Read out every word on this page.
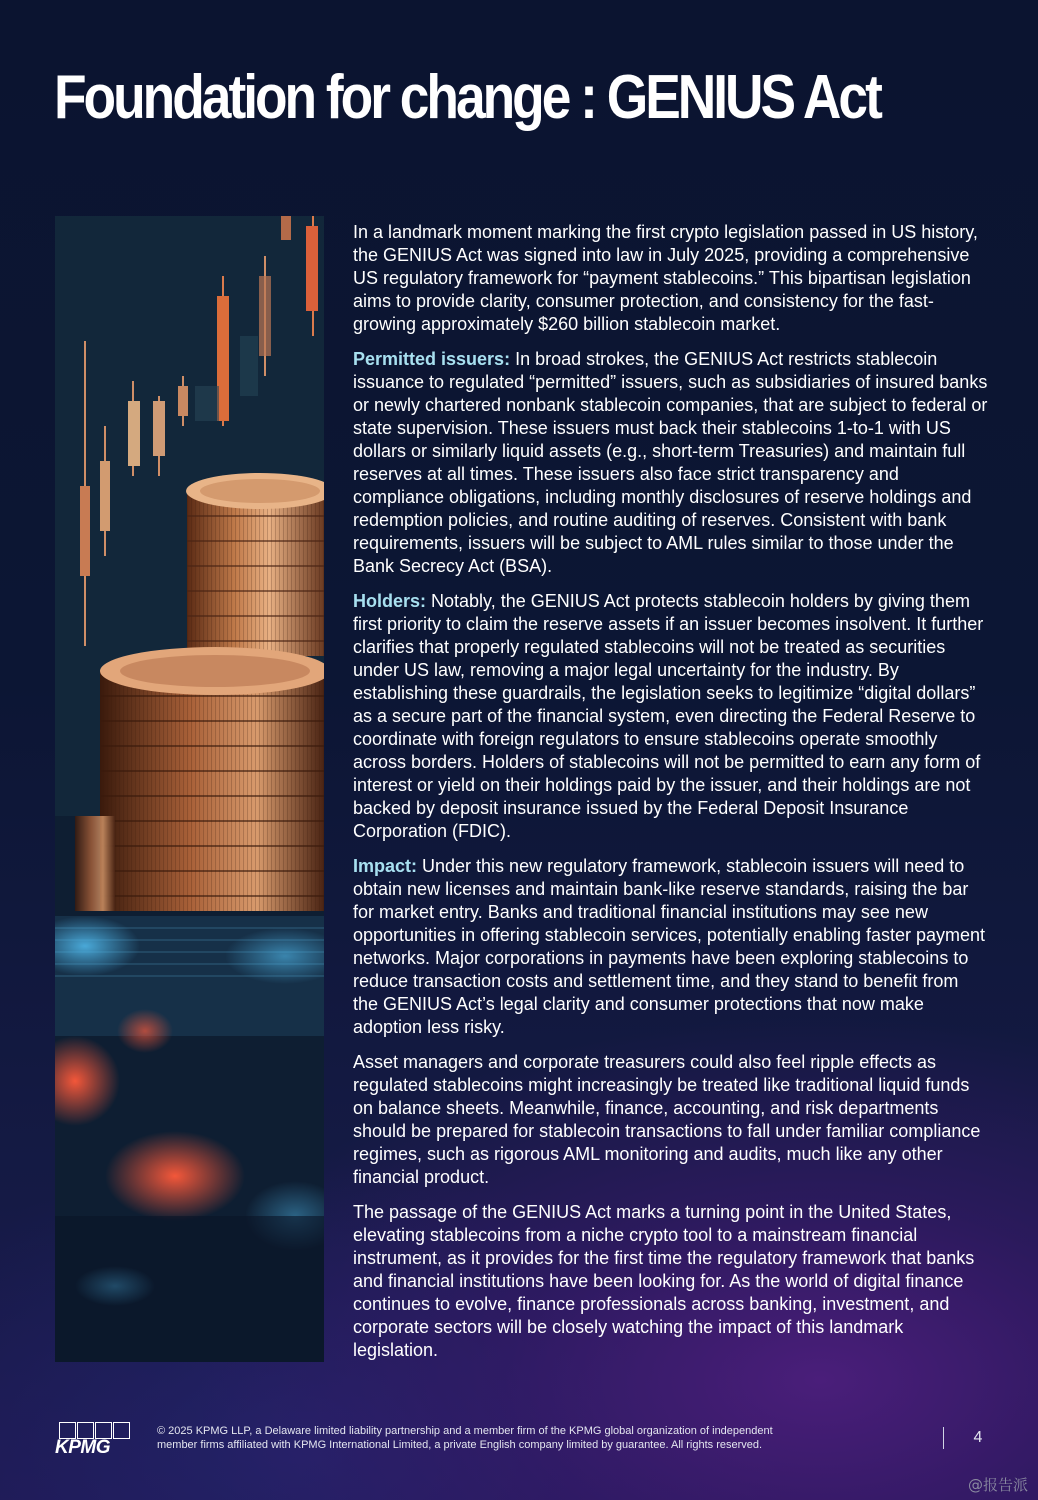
Foundation for change : GENIUS Act

In a landmark moment marking the first crypto legislation passed in US history, the GENIUS Act was signed into law in July 2025, providing a comprehensive US regulatory framework for “payment stablecoins.” This bipartisan legislation aims to provide clarity, consumer protection, and consistency for the fast-growing approximately $260 billion stablecoin market.

Permitted issuers: In broad strokes, the GENIUS Act restricts stablecoin issuance to regulated “permitted” issuers, such as subsidiaries of insured banks or newly chartered nonbank stablecoin companies, that are subject to federal or state supervision. These issuers must back their stablecoins 1-to-1 with US dollars or similarly liquid assets (e.g., short-term Treasuries) and maintain full reserves at all times. These issuers also face strict transparency and compliance obligations, including monthly disclosures of reserve holdings and redemption policies, and routine auditing of reserves. Consistent with bank requirements, issuers will be subject to AML rules similar to those under the Bank Secrecy Act (BSA).

Holders: Notably, the GENIUS Act protects stablecoin holders by giving them first priority to claim the reserve assets if an issuer becomes insolvent. It further clarifies that properly regulated stablecoins will not be treated as securities under US law, removing a major legal uncertainty for the industry. By establishing these guardrails, the legislation seeks to legitimize “digital dollars” as a secure part of the financial system, even directing the Federal Reserve to coordinate with foreign regulators to ensure stablecoins operate smoothly across borders. Holders of stablecoins will not be permitted to earn any form of interest or yield on their holdings paid by the issuer, and their holdings are not backed by deposit insurance issued by the Federal Deposit Insurance Corporation (FDIC).

Impact: Under this new regulatory framework, stablecoin issuers will need to obtain new licenses and maintain bank-like reserve standards, raising the bar for market entry. Banks and traditional financial institutions may see new opportunities in offering stablecoin services, potentially enabling faster payment networks. Major corporations in payments have been exploring stablecoins to reduce transaction costs and settlement time, and they stand to benefit from the GENIUS Act’s legal clarity and consumer protections that now make adoption less risky.

Asset managers and corporate treasurers could also feel ripple effects as regulated stablecoins might increasingly be treated like traditional liquid funds on balance sheets. Meanwhile, finance, accounting, and risk departments should be prepared for stablecoin transactions to fall under familiar compliance regimes, such as rigorous AML monitoring and audits, much like any other financial product.

The passage of the GENIUS Act marks a turning point in the United States, elevating stablecoins from a niche crypto tool to a mainstream financial instrument, as it provides for the first time the regulatory framework that banks and financial institutions have been looking for. As the world of digital finance continues to evolve, finance professionals across banking, investment, and corporate sectors will be closely watching the impact of this landmark legislation.

KPMG
© 2025 KPMG LLP, a Delaware limited liability partnership and a member firm of the KPMG global organization of independent
member firms affiliated with KPMG International Limited, a private English company limited by guarantee. All rights reserved.	4
@报告派
